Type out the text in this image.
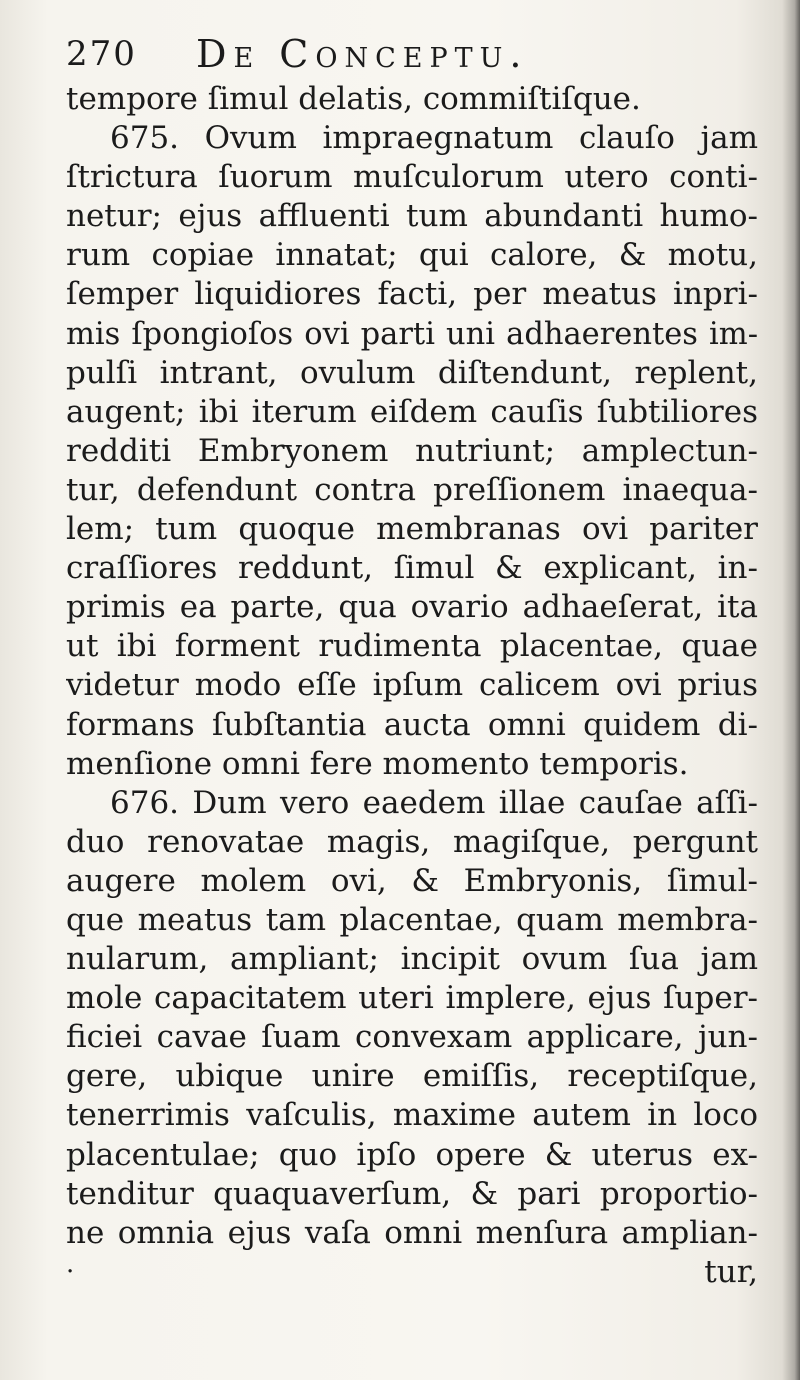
270 De Conceptu.
tempore ſimul delatis, commiſtiſque.
675. Ovum impraegnatum clauſo jam
ſtrictura ſuorum muſculorum utero conti-
netur; ejus affluenti tum abundanti humo-
rum copiae innatat; qui calore, & motu,
ſemper liquidiores facti, per meatus inpri-
mis ſpongioſos ovi parti uni adhaerentes im-
pulſi intrant, ovulum diſtendunt, replent,
augent; ibi iterum eiſdem cauſis ſubtiliores
redditi Embryonem nutriunt; amplectun-
tur, defendunt contra preſſionem inaequa-
lem; tum quoque membranas ovi pariter
craſſiores reddunt, ſimul & explicant, in-
primis ea parte, qua ovario adhaeſerat, ita
ut ibi forment rudimenta placentae, quae
videtur modo eſſe ipſum calicem ovi prius
formans ſubſtantia aucta omni quidem di-
menſione omni fere momento temporis.
676. Dum vero eaedem illae cauſae aſſi-
duo renovatae magis, magiſque, pergunt
augere molem ovi, & Embryonis, ſimul-
que meatus tam placentae, quam membra-
nularum, ampliant; incipit ovum ſua jam
mole capacitatem uteri implere, ejus ſuper-
ficiei cavae ſuam convexam applicare, jun-
gere, ubique unire emiſſis, receptiſque,
tenerrimis vaſculis, maxime autem in loco
placentulae; quo ipſo opere & uterus ex-
tenditur quaquaverſum, & pari proportio-
ne omnia ejus vaſa omni menſura amplian-
·	tur,
